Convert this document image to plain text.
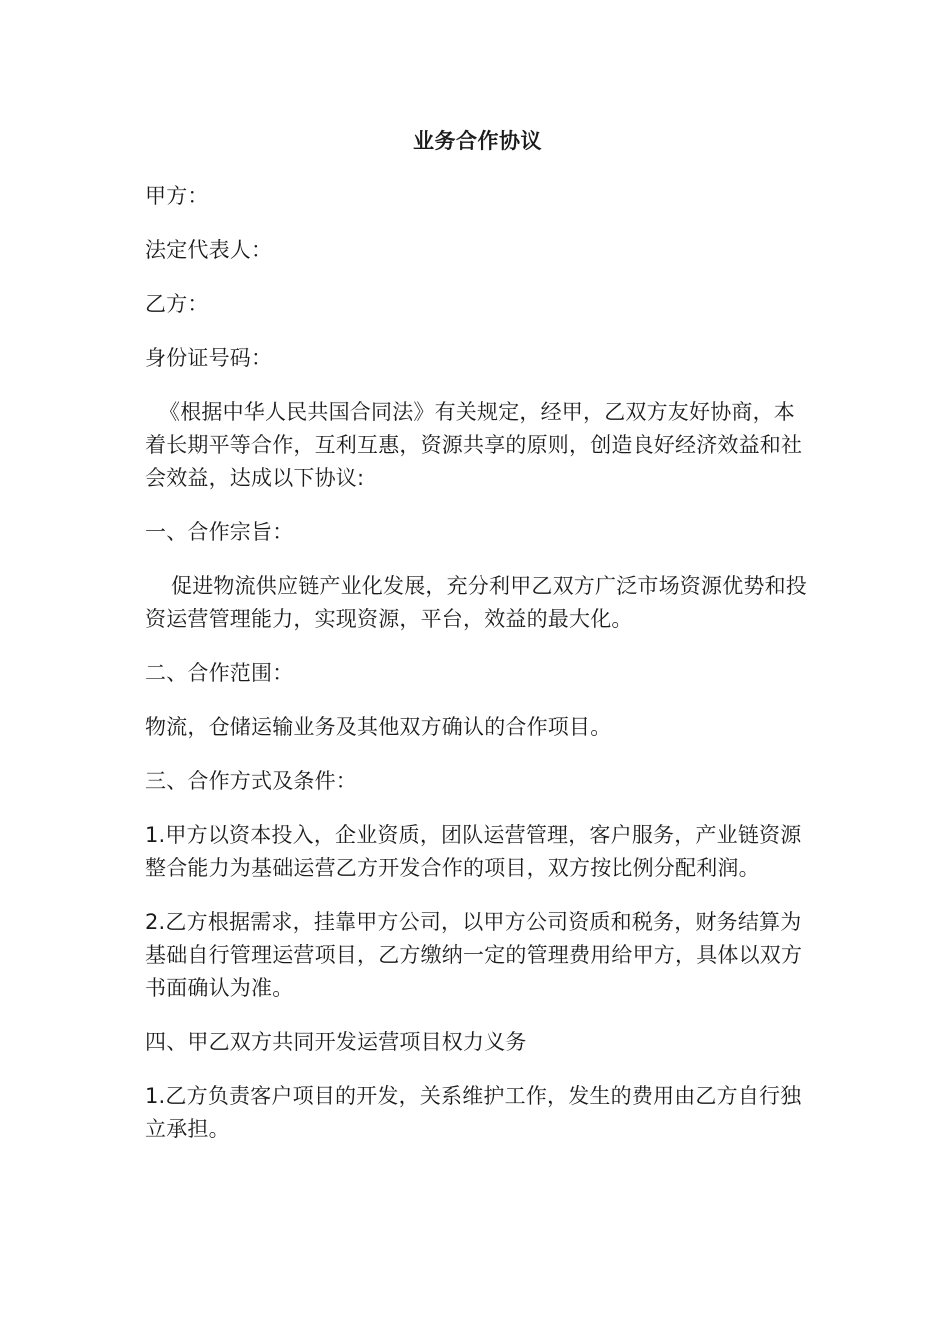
业务合作协议
甲方：
法定代表人：
乙方：
身份证号码：
《根据中华人民共国合同法》有关规定，经甲，乙双方友好协商，本着长期平等合作，互利互惠，资源共享的原则，创造良好经济效益和社会效益，达成以下协议:
一、合作宗旨：
促进物流供应链产业化发展，充分利甲乙双方广泛市场资源优势和投资运营管理能力，实现资源，平台，效益的最大化。
二、合作范围：
物流，仓储运输业务及其他双方确认的合作项目。
三、合作方式及条件：
1.甲方以资本投入，企业资质，团队运营管理，客户服务，产业链资源整合能力为基础运营乙方开发合作的项目，双方按比例分配利润。
2.乙方根据需求，挂靠甲方公司，以甲方公司资质和税务，财务结算为基础自行管理运营项目，乙方缴纳一定的管理费用给甲方，具体以双方书面确认为准。
四、甲乙双方共同开发运营项目权力义务
1.乙方负责客户项目的开发，关系维护工作，发生的费用由乙方自行独立承担。
